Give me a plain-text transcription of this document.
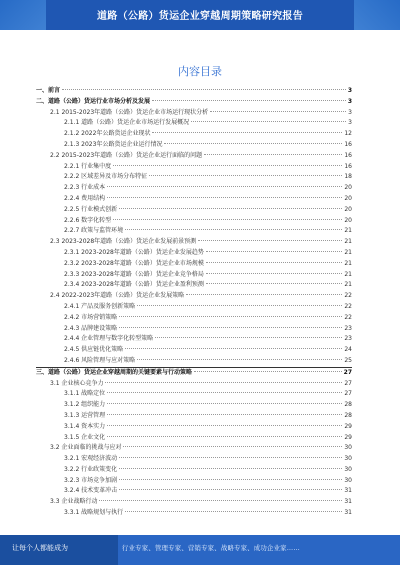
道路（公路）货运企业穿越周期策略研究报告
内容目录
一、前言	3
二、道路（公路）货运行业市场分析及发展	3
2.1 2015-2023年道路（公路）货运企业市场运行现状分析	3
2.1.1 道路（公路）货运企业市场运行发展概况	3
2.1.2 2022年公路货运企业现状	12
2.1.3 2023年公路货运企业运行情况	16
2.2 2015-2023年道路（公路）货运企业运行面临的问题	16
2.2.1 行业集中度	16
2.2.2 区域差异及市场分布特征	18
2.2.3 行业成本	20
2.2.4 费用结构	20
2.2.5 行业模式创新	20
2.2.6 数字化转型	20
2.2.7 政策与监管环境	21
2.3 2023-2028年道路（公路）货运企业发展前景预测	21
2.3.1 2023-2028年道路（公路）货运企业发展趋势	21
2.3.2 2023-2028年道路（公路）货运企业市场规模	21
2.3.3 2023-2028年道路（公路）货运企业竞争格局	21
2.3.4 2023-2028年道路（公路）货运企业盈利预测	21
2.4 2022-2023年道路（公路）货运企业发展策略	22
2.4.1 产品及服务创新策略	22
2.4.2 市场营销策略	22
2.4.3 品牌建设策略	23
2.4.4 企业管理与数字化转型策略	23
2.4.5 供应链优化策略	24
2.4.6 风险管理与应对策略	25
三、道路（公路）货运企业穿越周期的关键要素与行动策略	27
3.1 企业核心竞争力	27
3.1.1 战略定位	27
3.1.2 组织能力	28
3.1.3 运营管理	28
3.1.4 资本实力	29
3.1.5 企业文化	29
3.2 企业面临的挑战与应对	30
3.2.1 宏观经济波动	30
3.2.2 行业政策变化	30
3.2.3 市场竞争加剧	30
3.2.4 技术变革冲击	31
3.3 企业战略行动	31
3.3.1 战略规划与执行	31
让每个人都能成为	行业专家、管理专家、营销专家、战略专家、成功企业家……
